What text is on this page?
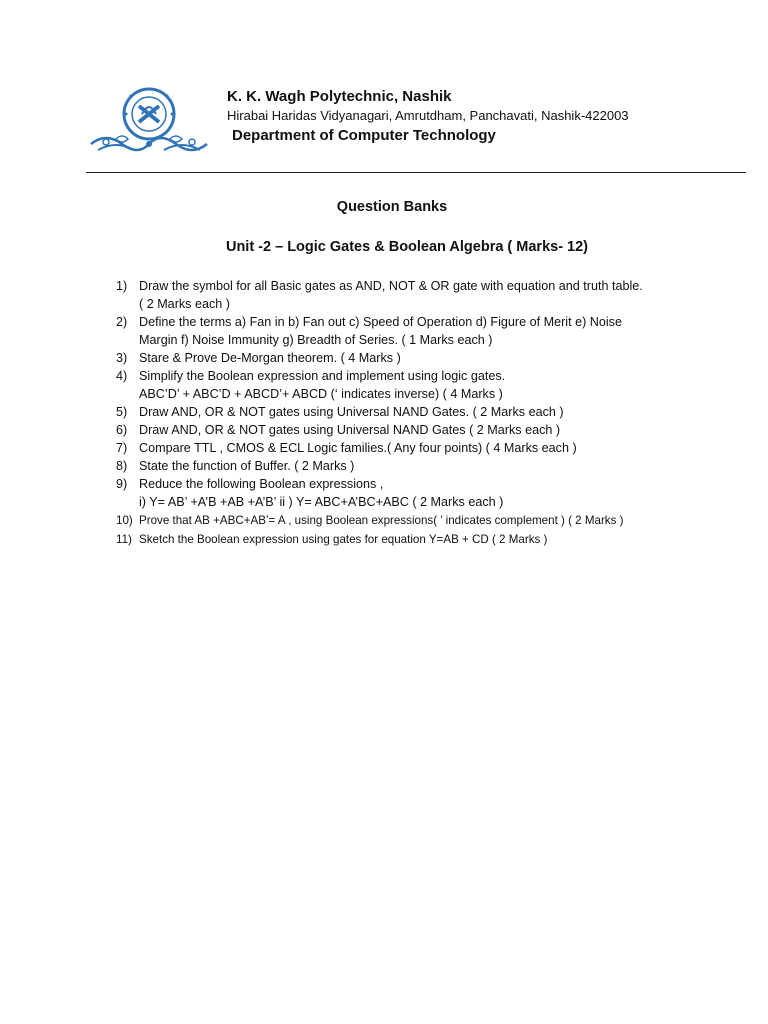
K. K. Wagh Polytechnic, Nashik
Hirabai Haridas Vidyanagari, Amrutdham, Panchavati, Nashik-422003
Department of Computer Technology
Question Banks
Unit -2 – Logic Gates & Boolean Algebra ( Marks- 12)
1) Draw the symbol for all Basic gates as AND, NOT & OR gate with equation and truth table.
( 2 Marks each )
2) Define the terms a) Fan in b) Fan out c) Speed of Operation d) Figure of Merit e) Noise
Margin f) Noise Immunity g) Breadth of Series. ( 1 Marks each )
3) Stare & Prove De-Morgan theorem. ( 4 Marks )
4) Simplify the Boolean expression and implement using logic gates.
ABC’D’ + ABC’D + ABCD’+ ABCD (‘ indicates inverse) ( 4 Marks )
5) Draw AND, OR & NOT gates using Universal NAND Gates. ( 2 Marks each )
6) Draw AND, OR & NOT gates using Universal NAND Gates ( 2 Marks each )
7) Compare TTL , CMOS & ECL Logic families.( Any four points) ( 4 Marks each )
8) State the function of Buffer. ( 2 Marks )
9) Reduce the following Boolean expressions ,
i) Y= AB’ +A’B +AB +A’B’ ii ) Y= ABC+A’BC+ABC ( 2 Marks each )
10) Prove that AB +ABC+AB’= A , using Boolean expressions( ’ indicates complement ) ( 2 Marks )
11) Sketch the Boolean expression using gates for equation Y=AB + CD ( 2 Marks )
